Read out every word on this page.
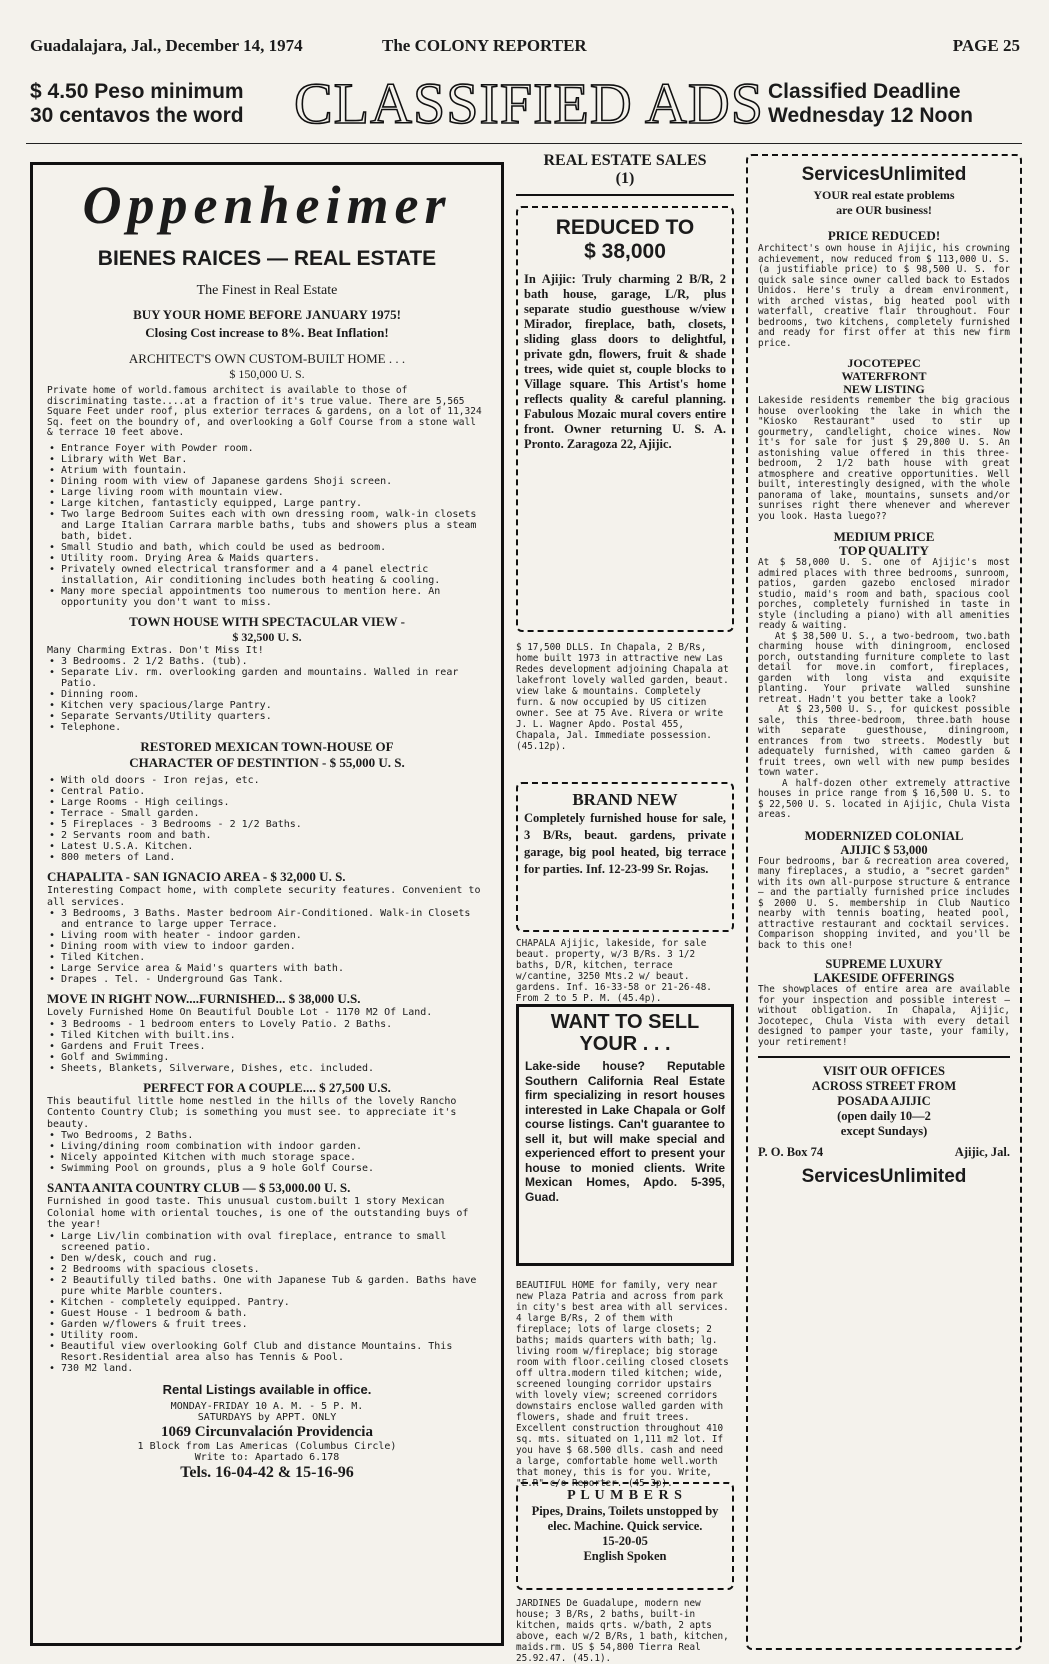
Guadalajara, Jal., December 14, 1974	The COLONY REPORTER	PAGE 25
$ 4.50 Peso minimum
30 centavos the word CLASSIFIED ADS Classified Deadline
Wednesday 12 Noon
Oppenheimer
BIENES RAICES — REAL ESTATE
The Finest in Real Estate
BUY YOUR HOME BEFORE JANUARY 1975!
Closing Cost increase to 8%. Beat Inflation!
ARCHITECT'S OWN CUSTOM-BUILT HOME . . .
$ 150,000 U. S.

Private home of world.famous architect is available to those of discriminating taste....at a fraction of it's true value. There are 5,565 Square Feet under roof, plus exterior terraces & gardens, on a lot of 11,324 Sq. feet on the boundry of, and overlooking a Golf Course from a stone wall & terrace 10 feet above.

• Entrance Foyer with Powder room.
• Library with Wet Bar.
• Atrium with fountain.
• Dining room with view of Japanese gardens Shoji screen.
• Large living room with mountain view.
• Large kitchen, fantasticly equipped, Large pantry.
• Two large Bedroom Suites each with own dressing room, walk-in closets and Large Italian Carrara marble baths, tubs and showers plus a steam bath, bidet.
• Small Studio and bath, which could be used as bedroom.
• Utility room. Drying Area & Maids quarters.
• Privately owned electrical transformer and a 4 panel electric installation, Air conditioning includes both heating & cooling.
• Many more special appointments too numerous to mention here. An opportunity you don't want to miss.
TOWN HOUSE WITH SPECTACULAR VIEW -
$ 32,500 U. S.

Many Charming Extras. Don't Miss It!

• 3 Bedrooms. 2 1/2 Baths. (tub).
• Separate Liv. rm. overlooking garden and mountains. Walled in rear Patio.
• Dinning room.
• Kitchen very spacious/large Pantry.
• Separate Servants/Utility quarters.
• Telephone.
RESTORED MEXICAN TOWN-HOUSE OF
CHARACTER OF DESTINTION - $ 55,000 U. S.
• With old doors - Iron rejas, etc.
• Central Patio.
• Large Rooms - High ceilings.
• Terrace - Small garden.
• 5 Fireplaces - 3 Bedrooms - 2 1/2 Baths.
• 2 Servants room and bath.
• Latest U.S.A. Kitchen.
• 800 meters of Land.
CHAPALITA - SAN IGNACIO AREA - $ 32,000 U. S.

Interesting Compact home, with complete security features. Convenient to all services.

• 3 Bedrooms, 3 Baths. Master bedroom Air-Conditioned. Walk-in Closets and entrance to large upper Terrace.
• Living room with heater - indoor garden.
• Dining room with view to indoor garden.
• Tiled Kitchen.
• Large Service area & Maid's quarters with bath.
• Drapes . Tel. - Underground Gas Tank.
MOVE IN RIGHT NOW....FURNISHED... $ 38,000 U.S.

Lovely Furnished Home On Beautiful Double Lot - 1170 M2 Of Land.

• 3 Bedrooms - 1 bedroom enters to Lovely Patio. 2 Baths.
• Tiled Kitchen with built.ins.
• Gardens and Fruit Trees.
• Golf and Swimming.
• Sheets, Blankets, Silverware, Dishes, etc. included.
PERFECT FOR A COUPLE.... $ 27,500 U.S.

This beautiful little home nestled in the hills of the lovely Rancho Contento Country Club; is something you must see. to appreciate it's beauty.

• Two Bedrooms, 2 Baths.
• Living/dining room combination with indoor garden.
• Nicely appointed Kitchen with much storage space.
• Swimming Pool on grounds, plus a 9 hole Golf Course.
SANTA ANITA COUNTRY CLUB — $ 53,000.00 U. S.

Furnished in good taste. This unusual custom.built 1 story Mexican Colonial home with oriental touches, is one of the outstanding buys of the year!

• Large Liv/lin combination with oval fireplace, entrance to small screened patio.
• Den w/desk, couch and rug.
• 2 Bedrooms with spacious closets.
• 2 Beautifully tiled baths. One with Japanese Tub & garden. Baths have pure white Marble counters.
• Kitchen - completely equipped. Pantry.
• Guest House - 1 bedroom & bath.
• Garden w/flowers & fruit trees.
• Utility room.
• Beautiful view overlooking Golf Club and distance Mountains. This Resort.Residential area also has Tennis & Pool.
• 730 M2 land.
Rental Listings available in office.
MONDAY-FRIDAY 10 A. M. - 5 P. M.
SATURDAYS by APPT. ONLY
1069 Circunvalación Providencia
1 Block from Las Americas (Columbus Circle)
Write to: Apartado 6.178
Tels. 16-04-42 & 15-16-96
REAL ESTATE SALES
(1)
REDUCED TO
$ 38,000

In Ajijic: Truly charming 2 B/R, 2 bath house, garage, L/R, plus separate studio guesthouse w/view Mirador, fireplace, bath, closets, sliding glass doors to delightful, private gdn, flowers, fruit & shade trees, wide quiet st, couple blocks to Village square. This Artist's home reflects quality & careful planning. Fabulous Mozaic mural covers entire front. Owner returning U. S. A. Pronto. Zaragoza 22, Ajijic.

$ 17,500 DLLS. In Chapala, 2 B/Rs, home built 1973 in attractive new Las Redes development adjoining Chapala at lakefront lovely walled garden, beaut. view lake & mountains. Completely furn. & now occupied by US citizen owner. See at 75 Ave. Rivera or write J. L. Wagner Apdo. Postal 455, Chapala, Jal. Immediate possession. (45.12p).

BRAND NEW

Completely furnished house for sale, 3 B/Rs, beaut. gardens, private garage, big pool heated, big terrace for parties. Inf. 12-23-99 Sr. Rojas.

CHAPALA Ajijic, lakeside, for sale beaut. property, w/3 B/Rs. 3 1/2 baths, D/R, kitchen, terrace w/cantine, 3250 Mts.2 w/ beaut. gardens. Inf. 16-33-58 or 21-26-48. From 2 to 5 P. M. (45.4p).

WANT TO SELL
YOUR . . .

Lake-side house? Reputable Southern California Real Estate firm specializing in resort houses interested in Lake Chapala or Golf course listings. Can't guarantee to sell it, but will make special and experienced effort to present your house to monied clients. Write Mexican Homes, Apdo. 5-395, Guad.

BEAUTIFUL HOME for family, very near new Plaza Patria and across from park in city's best area with all services. 4 large B/Rs, 2 of them with fireplace; lots of large closets; 2 baths; maids quarters with bath; lg. living room w/fireplace; big storage room with floor.ceiling closed closets off ultra.modern tiled kitchen; wide, screened lounging corridor upstairs with lovely view; screened corridors downstairs enclose walled garden with flowers, shade and fruit trees. Excellent construction throughout 410 sq. mts. situated on 1,111 m2 lot. If you have $ 68.500 dlls. cash and need a large, comfortable home well.worth that money, this is for you. Write, "E.R" c/o Reporter. (45-3p).

P L U M B E R S

Pipes, Drains, Toilets unstopped by elec. Machine. Quick service.

15-20-05
English Spoken

JARDINES De Guadalupe, modern new house; 3 B/Rs, 2 baths, built-in kitchen, maids qrts. w/bath, 2 apts above, each w/2 B/Rs, 1 bath, kitchen, maids.rm. US $ 54,800 Tierra Real 25.92.47. (45.1).

ServicesUnlimited
YOUR real estate problems
are OUR business!
PRICE REDUCED!

Architect's own house in Ajijic, his crowning achievement, now reduced from $ 113,000 U. S. (a justifiable price) to $ 98,500 U. S. for quick sale since owner called back to Estados Unidos. Here's truly a dream environment, with arched vistas, big heated pool with waterfall, creative flair throughout. Four bedrooms, two kitchens, completely furnished and ready for first offer at this new firm price.

JOCOTEPEC
WATERFRONT
NEW LISTING

Lakeside residents remember the big gracious house overlooking the lake in which the "Kiosko Restaurant" used to stir up gourmetry, candlelight, choice wines. Now it's for sale for just $ 29,800 U. S. An astonishing value offered in this three-bedroom, 2 1/2 bath house with great atmosphere and creative opportunities. Well built, interestingly designed, with the whole panorama of lake, mountains, sunsets and/or sunrises right there whenever and wherever you look. Hasta luego??

MEDIUM PRICE
TOP QUALITY

At $ 58,000 U. S. one of Ajijic's most admired places with three bedrooms, sunroom, patios, garden gazebo enclosed mirador studio, maid's room and bath, spacious cool porches, completely furnished in taste in style (including a piano) with all amenities ready & waiting.
At $ 38,500 U. S., a two-bedroom, two.bath charming house with diningroom, enclosed porch, outstanding furniture complete to last detail for move.in comfort, fireplaces, garden with long vista and exquisite planting. Your private walled sunshine retreat. Hadn't you better take a look?
At $ 23,500 U. S., for quickest possible sale, this three-bedroom, three.bath house with separate guesthouse, diningroom, entrances from two streets. Modestly but adequately furnished, with cameo garden & fruit trees, own well with new pump besides town water.
A half-dozen other extremely attractive houses in price range from $ 16,500 U. S. to $ 22,500 U. S. located in Ajijic, Chula Vista areas.

MODERNIZED COLONIAL
AJIJIC $ 53,000

Four bedrooms, bar & recreation area covered, many fireplaces, a studio, a "secret garden" with its own all-purpose structure & entrance — and the partially furnished price includes $ 2000 U. S. membership in Club Nautico nearby with tennis boating, heated pool, attractive restaurant and cocktail services. Comparison shopping invited, and you'll be back to this one!

SUPREME LUXURY
LAKESIDE OFFERINGS

The showplaces of entire area are available for your inspection and possible interest — without obligation. In Chapala, Ajijic, Jocotepec, Chula Vista with every detail designed to pamper your taste, your family, your retirement!

VISIT OUR OFFICES
ACROSS STREET FROM
POSADA AJIJIC
(open daily 10—2
except Sundays)
P. O. Box 74	Ajijic, Jal.
ServicesUnlimited
